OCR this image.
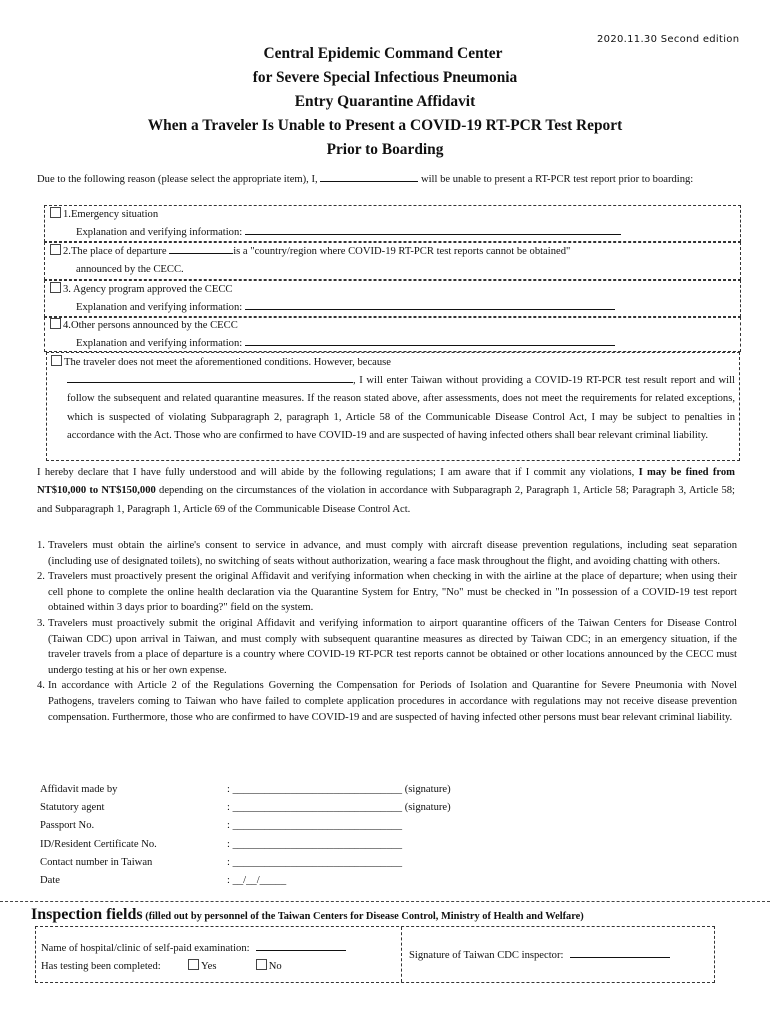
2020.11.30 Second edition
Central Epidemic Command Center
for Severe Special Infectious Pneumonia
Entry Quarantine Affidavit
When a Traveler Is Unable to Present a COVID-19 RT-PCR Test Report
Prior to Boarding
Due to the following reason (please select the appropriate item), I,	will be unable to present a RT-PCR test report prior to boarding:
1.Emergency situation
Explanation and verifying information:
2.The place of departure	is a "country/region where COVID-19 RT-PCR test reports cannot be obtained"
announced by the CECC.
3. Agency program approved the CECC
Explanation and verifying information:
4.Other persons announced by the CECC
Explanation and verifying information:
The traveler does not meet the aforementioned conditions. However, because
, I will enter Taiwan without providing a COVID-19 RT-PCR test result report and will follow the subsequent and related quarantine measures. If the reason stated above, after assessments, does not meet the requirements for related exceptions, which is suspected of violating Subparagraph 2, paragraph 1, Article 58 of the Communicable Disease Control Act, I may be subject to penalties in accordance with the Act. Those who are confirmed to have COVID-19 and are suspected of having infected others shall bear relevant criminal liability.
I hereby declare that I have fully understood and will abide by the following regulations; I am aware that if I commit any violations, I may be fined from NT$10,000 to NT$150,000 depending on the circumstances of the violation in accordance with Subparagraph 2, Paragraph 1, Article 58; Paragraph 3, Article 58; and Subparagraph 1, Paragraph 1, Article 69 of the Communicable Disease Control Act.
1. Travelers must obtain the airline's consent to service in advance, and must comply with aircraft disease prevention regulations, including seat separation (including use of designated toilets), no switching of seats without authorization, wearing a face mask throughout the flight, and avoiding chatting with others.
2. Travelers must proactively present the original Affidavit and verifying information when checking in with the airline at the place of departure; when using their cell phone to complete the online health declaration via the Quarantine System for Entry, "No" must be checked in "In possession of a COVID-19 test report obtained within 3 days prior to boarding?" field on the system.
3. Travelers must proactively submit the original Affidavit and verifying information to airport quarantine officers of the Taiwan Centers for Disease Control (Taiwan CDC) upon arrival in Taiwan, and must comply with subsequent quarantine measures as directed by Taiwan CDC; in an emergency situation, if the traveler travels from a place of departure is a country where COVID-19 RT-PCR test reports cannot be obtained or other locations announced by the CECC must undergo testing at his or her own expense.
4. In accordance with Article 2 of the Regulations Governing the Compensation for Periods of Isolation and Quarantine for Severe Pneumonia with Novel Pathogens, travelers coming to Taiwan who have failed to complete application procedures in accordance with regulations may not receive disease prevention compensation. Furthermore, those who are confirmed to have COVID-19 and are suspected of having infected other persons must bear relevant criminal liability.
Affidavit made by	: ________________________________ (signature)
Statutory agent	: ________________________________ (signature)
Passport No.	: ________________________________
ID/Resident Certificate No.	: ________________________________
Contact number in Taiwan	: ________________________________
Date	: __/__/_____
Inspection fields (filled out by personnel of the Taiwan Centers for Disease Control, Ministry of Health and Welfare)
Name of hospital/clinic of self-paid examination:
Has testing been completed:	Yes	No
Signature of Taiwan CDC inspector:
